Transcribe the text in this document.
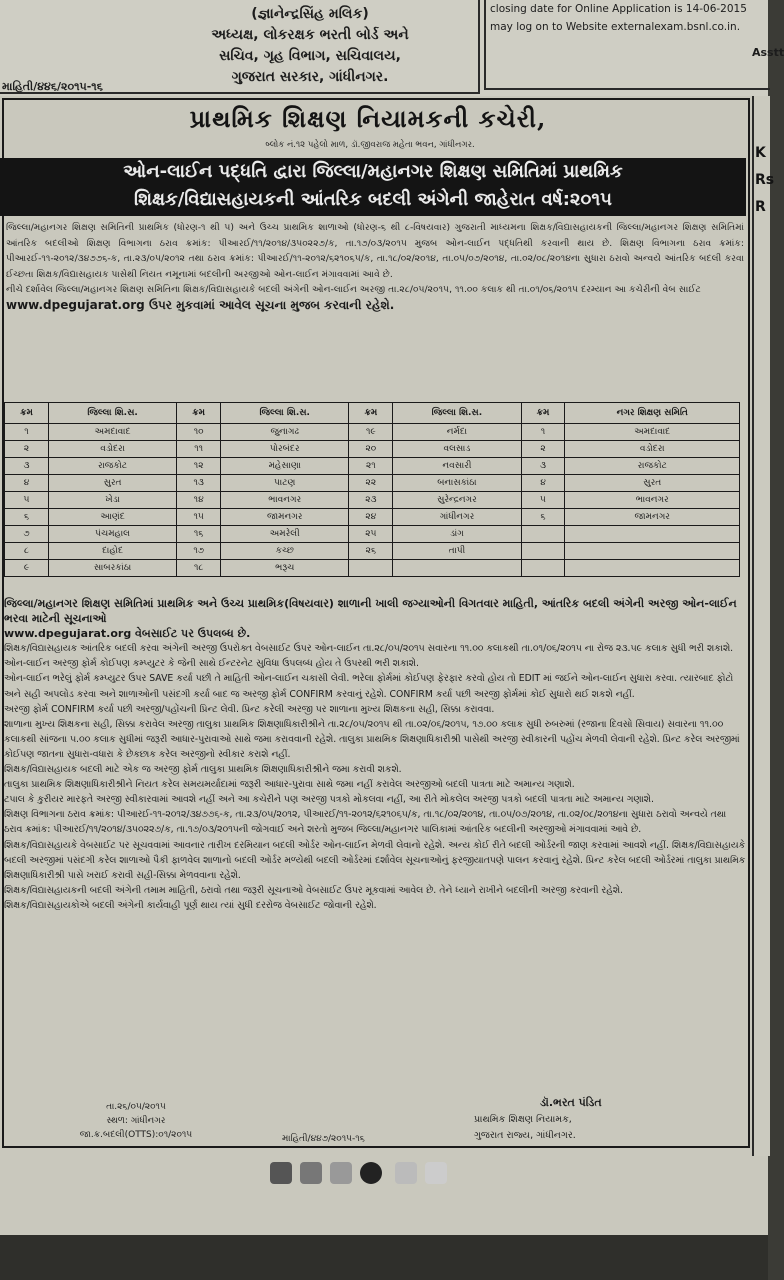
(જ્ઞાનેન્દ્રસિંહ મલિક)
અધ્યક્ષ, લોકરક્ષક ભરતી બોર્ડ અને
સચિવ, ગૃહ વિભાગ, સચિવાલય,
ગુજરાત સરકાર, ગાંધીનગર.
માહિતી/૪૪૬/૨૦૧૫-૧૬
closing date for Online Application is 14-06-2015
may log on to Website externalexam.bsnl.co.in.
Asstt
K
Rs
R
પ્રાથમિક શિક્ષણ નિયામકની કચેરી,
બ્લોક નં.૧૨ પહેલો માળ, ડૉ.જીવરાજ મહેતા ભવન, ગાંધીનગર.
ઓન-લાઈન પદ્ધતિ દ્વારા જિલ્લા/મહાનગર શિક્ષણ સમિતિમાં પ્રાથમિક
શિક્ષક/વિદ્યાસહાયકની આંતરિક બદલી અંગેની જાહેરાત વર્ષ:૨૦૧૫
જિલ્લા/મહાનગર શિક્ષણ સમિતિની પ્રાથમિક (ધોરણ-૧ થી ૫) અને ઉચ્ચ પ્રાથમિક શાળાઓ (ધોરણ-૬ થી ૮-વિષયવાર) ગુજરાતી માધ્યમના શિક્ષક/વિદ્યાસહાયકની જિલ્લા/મહાનગર શિક્ષણ સમિતિમાં આંતરિક બદલીઓ શિક્ષણ વિભાગના ઠરાવ ક્રમાંક: પીઆરઈ/૧૧/૨૦૧૪/૩૫૦૨૨૭/ક, તા.૧૭/૦૩/૨૦૧૫ મુજબ ઓન-લાઈન પદ્ધતિથી કરવાની થાય છે. શિક્ષણ વિભાગના ઠરાવ ક્રમાંક: પીઆરઈ-૧૧-૨૦૧૨/૩૪૭૭૬-ક, તા.૨૩/૦૫/૨૦૧૨ તથા ઠરાવ ક્રમાંક: પીઆરઈ/૧૧-૨૦૧૨/૬૨૧૦૬૫/ક, તા.૧૮/૦૨/૨૦૧૪, તા.૦૫/૦૭/૨૦૧૪, તા.૦૨/૦૮/૨૦૧૪ના સુધારા ઠરાવો અન્વયે આંતરિક બદલી કરવા ઈચ્છતા શિક્ષક/વિદ્યાસહાયક પાસેથી નિયત નમૂનામાં બદલીની અરજીઓ ઓન-લાઈન મંગાવવામાં આવે છે.
નીચે દર્શાવેલ જિલ્લા/મહાનગર શિક્ષણ સમિતિના શિક્ષક/વિદ્યાસહાયકે બદલી અંગેની ઓન-લાઈન અરજી તા.૨૮/૦૫/૨૦૧૫, ૧૧.૦૦ કલાક થી તા.૦૧/૦૬/૨૦૧૫ દરમ્યાન આ કચેરીની વેબ સાઈટ
www.dpegujarat.org ઉપર મુકવામાં આવેલ સૂચના મુજબ કરવાની રહેશે.
ક્રમ	જિલ્લા શિ.સ.	ક્રમ	જિલ્લા શિ.સ.	ક્રમ	જિલ્લા શિ.સ.	ક્રમ	નગર શિક્ષણ સમિતિ
૧	અમદાવાદ	૧૦	જુનાગઢ	૧૯	નર્મદા	૧	અમદાવાદ
૨	વડોદરા	૧૧	પોરબંદર	૨૦	વલસાડ	૨	વડોદરા
૩	રાજકોટ	૧૨	મહેસાણા	૨૧	નવસારી	૩	રાજકોટ
૪	સુરત	૧૩	પાટણ	૨૨	બનાસકાંઠા	૪	સુરત
૫	ખેડા	૧૪	ભાવનગર	૨૩	સુરેન્દ્રનગર	૫	ભાવનગર
૬	આણંદ	૧૫	જામનગર	૨૪	ગાંધીનગર	૬	જામનગર
૭	પંચમહાલ	૧૬	અમરેલી	૨૫	ડાંગ		
૮	દાહોદ	૧૭	કચ્છ	૨૬	તાપી		
૯	સાબરકાંઠા	૧૮	ભરૂચ				

જિલ્લા/મહાનગર શિક્ષણ સમિતિમાં પ્રાથમિક અને ઉચ્ચ પ્રાથમિક(વિષયવાર) શાળાની ખાલી જગ્યાઓની વિગતવાર માહિતી, આંતરિક બદલી અંગેની અરજી ઓન-લાઈન ભરવા માટેની સૂચનાઓ

www.dpegujarat.org વેબસાઈટ પર ઉપલબ્ધ છે.

શિક્ષક/વિદ્યાસહાયક આંતરિક બદલી કરવા અંગેની અરજી ઉપરોક્ત વેબસાઈટ ઉપર ઓન-લાઈન તા.૨૮/૦૫/૨૦૧૫ સવારના ૧૧.૦૦ કલાકથી તા.૦૧/૦૬/૨૦૧૫ ના રોજ ૨૩.૫૯ કલાક સુધી ભરી શકાશે. ઓન-લાઈન અરજી ફોર્મ કોઈપણ કમ્પ્યુટર કે જેની સાથે ઈન્ટરનેટ સુવિધા ઉપલબ્ધ હોય તે ઉપરથી ભરી શકાશે.

ઓન-લાઈન ભરેલું ફોર્મ કમ્પ્યુટર ઉપર SAVE કર્યા પછી તે માહિતી ઓન-લાઈન ચકાસી લેવી. ભરેલા ફોર્મમાં કોઈપણ ફેરફાર કરવો હોય તો EDIT માં જઈને ઓન-લાઈન સુધારા કરવા. ત્યારબાદ ફોટો અને સહી અપલોડ કરવા અને શાળાઓની પસંદગી કર્યા બાદ જ અરજી ફોર્મ CONFIRM કરવાનું રહેશે. CONFIRM કર્યા પછી અરજી ફોર્મમાં કોઈ સુધારો થઈ શકશે નહીં.

અરજી ફોર્મ CONFIRM કર્યા પછી અરજી/પહોંચની પ્રિન્ટ લેવી. પ્રિન્ટ કરેલી અરજી પર શાળાના મુખ્ય શિક્ષકના સહી, સિક્કા કરાવવા.

શાળાના મુખ્ય શિક્ષકના સહી, સિક્કા કરાવેલ અરજી તાલુકા પ્રાથમિક શિક્ષણાધિકારીશ્રીને તા.૨૮/૦૫/૨૦૧૫ થી તા.૦૨/૦૬/૨૦૧૫, ૧૭.૦૦ કલાક સુધી રુબરુમાં (રજાના દિવસો સિવાય) સવારના ૧૧.૦૦ કલાકથી સાંજના ૫.૦૦ કલાક સુધીમાં જરૂરી આધાર-પુરાવાઓ સાથે જમા કરાવવાની રહેશે. તાલુકા પ્રાથમિક શિક્ષણાધિકારીશ્રી પાસેથી અરજી સ્વીકારની પહોંચ મેળવી લેવાની રહેશે. પ્રિન્ટ કરેલ અરજીમાં કોઈપણ જાતના સુધારા-વધારા કે છેકછાક કરેલ અરજીનો સ્વીકાર કરાશે નહીં.

શિક્ષક/વિદ્યાસહાયક બદલી માટે એક જ અરજી ફોર્મ તાલુકા પ્રાથમિક શિક્ષણાધિકારીશ્રીને જમા કરાવી શકશે.

તાલુકા પ્રાથમિક શિક્ષણાધિકારીશ્રીને નિયત કરેલ સમયમર્યાદામાં જરૂરી આધાર-પુરાવા સાથે જમા નહીં કરાવેલ અરજીઓ બદલી પાત્રતા માટે અમાન્ય ગણાશે.

ટપાલ કે કુરીયર મારફતે અરજી સ્વીકારવામાં આવશે નહીં અને આ કચેરીને પણ અરજી પત્રકો મોકલવા નહીં, આ રીતે મોકલેલ અરજી પત્રકો બદલી પાત્રતા માટે અમાન્ય ગણાશે.

શિક્ષણ વિભાગના ઠરાવ ક્રમાંક: પીઆરઈ-૧૧-૨૦૧૨/૩૪૭૭૬-ક, તા.૨૩/૦૫/૨૦૧૨, પીઆરઈ/૧૧-૨૦૧૨/૬૨૧૦૬૫/ક, તા.૧૮/૦૨/૨૦૧૪, તા.૦૫/૦૭/૨૦૧૪, તા.૦૨/૦૮/૨૦૧૪ના સુધારા ઠરાવો અન્વયે તથા ઠરાવ ક્રમાંક: પીઆરઈ/૧૧/૨૦૧૪/૩૫૦૨૨૭/ક, તા.૧૭/૦૩/૨૦૧૫ની જોગવાઈ અને શરતો મુજબ જિલ્લા/મહાનગર પાલિકામાં આંતરિક બદલીની અરજીઓ મંગાવવામાં આવે છે.

શિક્ષક/વિદ્યાસહાયકે વેબસાઈટ પર સૂચવવામાં આવનાર તારીખ દરમિયાન બદલી ઓર્ડર ઓન-લાઈન મેળવી લેવાનો રહેશે. અન્ય કોઈ રીતે બદલી ઓર્ડરની જાણ કરવામાં આવશે નહીં. શિક્ષક/વિદ્યાસહાયકે બદલી અરજીમાં પસંદગી કરેલ શાળાઓ પૈકી ફાળવેલ શાળાનો બદલી ઓર્ડર મળ્યેથી બદલી ઓર્ડરમાં દર્શાવેલ સૂચનાઓનું ફરજીયાતપણે પાલન કરવાનું રહેશે. પ્રિન્ટ કરેલ બદલી ઓર્ડરમાં તાલુકા પ્રાથમિક શિક્ષણાધિકારીશ્રી પાસે ખરાઈ કરાવી સહી-સિક્કા મેળવવાના રહેશે.

શિક્ષક/વિદ્યાસહાયકની બદલી અંગેની તમામ માહિતી, ઠરાવો તથા જરૂરી સૂચનાઓ વેબસાઈટ ઉપર મૂકવામાં આવેલ છે. તેને ધ્યાને રાખીને બદલીની અરજી કરવાની રહેશે.

શિક્ષક/વિદ્યાસહાયકોએ બદલી અંગેની કાર્યવાહી પૂર્ણ થાય ત્યાં સુધી દરરોજ વેબસાઈટ જોવાની રહેશે.

તા.૨૬/૦૫/૨૦૧૫
સ્થળ: ગાંધીનગર
જા.ક્ર.બદલી(OTTS):૦૧/૨૦૧૫	માહિતી/૪૪૭/૨૦૧૫-૧૬
ડૉ.ભરત પંડિત
પ્રાથમિક શિક્ષણ નિયામક,
ગુજરાત રાજ્ય, ગાંધીનગર.
